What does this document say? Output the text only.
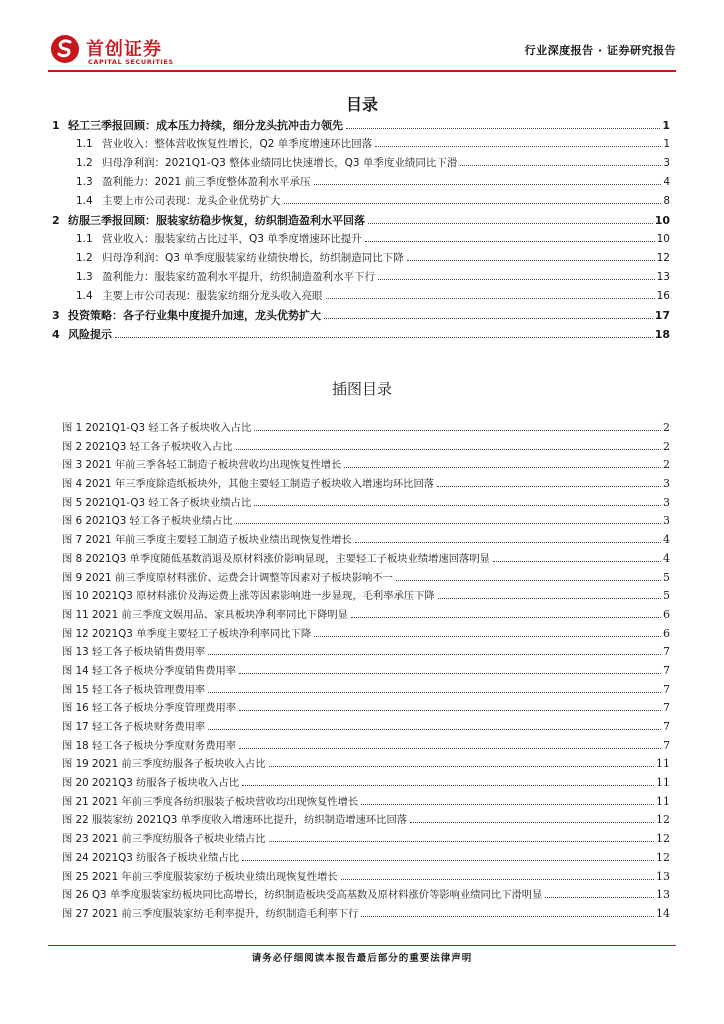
首创证券
CAPITAL SECURITIES
行业深度报告 · 证券研究报告
目录
1 轻工三季报回顾：成本压力持续，细分龙头抗冲击力领先	1
1.1 营业收入：整体营收恢复性增长，Q2 单季度增速环比回落	1
1.2 归母净利润：2021Q1-Q3 整体业绩同比快速增长，Q3 单季度业绩同比下滑	3
1.3 盈利能力：2021 前三季度整体盈利水平承压	4
1.4 主要上市公司表现：龙头企业优势扩大	8
2 纺服三季报回顾：服装家纺稳步恢复，纺织制造盈利水平回落	10
1.1 营业收入：服装家纺占比过半，Q3 单季度增速环比提升	10
1.2 归母净利润：Q3 单季度服装家纺业绩快增长，纺织制造同比下降	12
1.3 盈利能力：服装家纺盈利水平提升，纺织制造盈利水平下行	13
1.4 主要上市公司表现：服装家纺细分龙头收入亮眼	16
3 投资策略：各子行业集中度提升加速，龙头优势扩大	17
4 风险提示	18
插图目录
图 1 2021Q1-Q3 轻工各子板块收入占比	2
图 2 2021Q3 轻工各子板块收入占比	2
图 3 2021 年前三季各轻工制造子板块营收均出现恢复性增长	2
图 4 2021 年三季度除造纸板块外，其他主要轻工制造子板块收入增速均环比回落	3
图 5 2021Q1-Q3 轻工各子板块业绩占比	3
图 6 2021Q3 轻工各子板块业绩占比	3
图 7 2021 年前三季度主要轻工制造子板块业绩出现恢复性增长	4
图 8 2021Q3 单季度随低基数消退及原材料涨价影响显现，主要轻工子板块业绩增速回落明显	4
图 9 2021 前三季度原材料涨价、运费会计调整等因素对子板块影响不一	5
图 10 2021Q3 原材料涨价及海运费上涨等因素影响进一步显现，毛利率承压下降	5
图 11 2021 前三季度文娱用品、家具板块净利率同比下降明显	6
图 12 2021Q3 单季度主要轻工子板块净利率同比下降	6
图 13 轻工各子板块销售费用率	7
图 14 轻工各子板块分季度销售费用率	7
图 15 轻工各子板块管理费用率	7
图 16 轻工各子板块分季度管理费用率	7
图 17 轻工各子板块财务费用率	7
图 18 轻工各子板块分季度财务费用率	7
图 19 2021 前三季度纺服各子板块收入占比	11
图 20 2021Q3 纺服各子板块收入占比	11
图 21 2021 年前三季度各纺织服装子板块营收均出现恢复性增长	11
图 22 服装家纺 2021Q3 单季度收入增速环比提升，纺织制造增速环比回落	12
图 23 2021 前三季度纺服各子板块业绩占比	12
图 24 2021Q3 纺服各子板块业绩占比	12
图 25 2021 年前三季度服装家纺子板块业绩出现恢复性增长	13
图 26 Q3 单季度服装家纺板块同比高增长，纺织制造板块受高基数及原材料涨价等影响业绩同比下滑明显	13
图 27 2021 前三季度服装家纺毛利率提升，纺织制造毛利率下行	14
请务必仔细阅读本报告最后部分的重要法律声明
